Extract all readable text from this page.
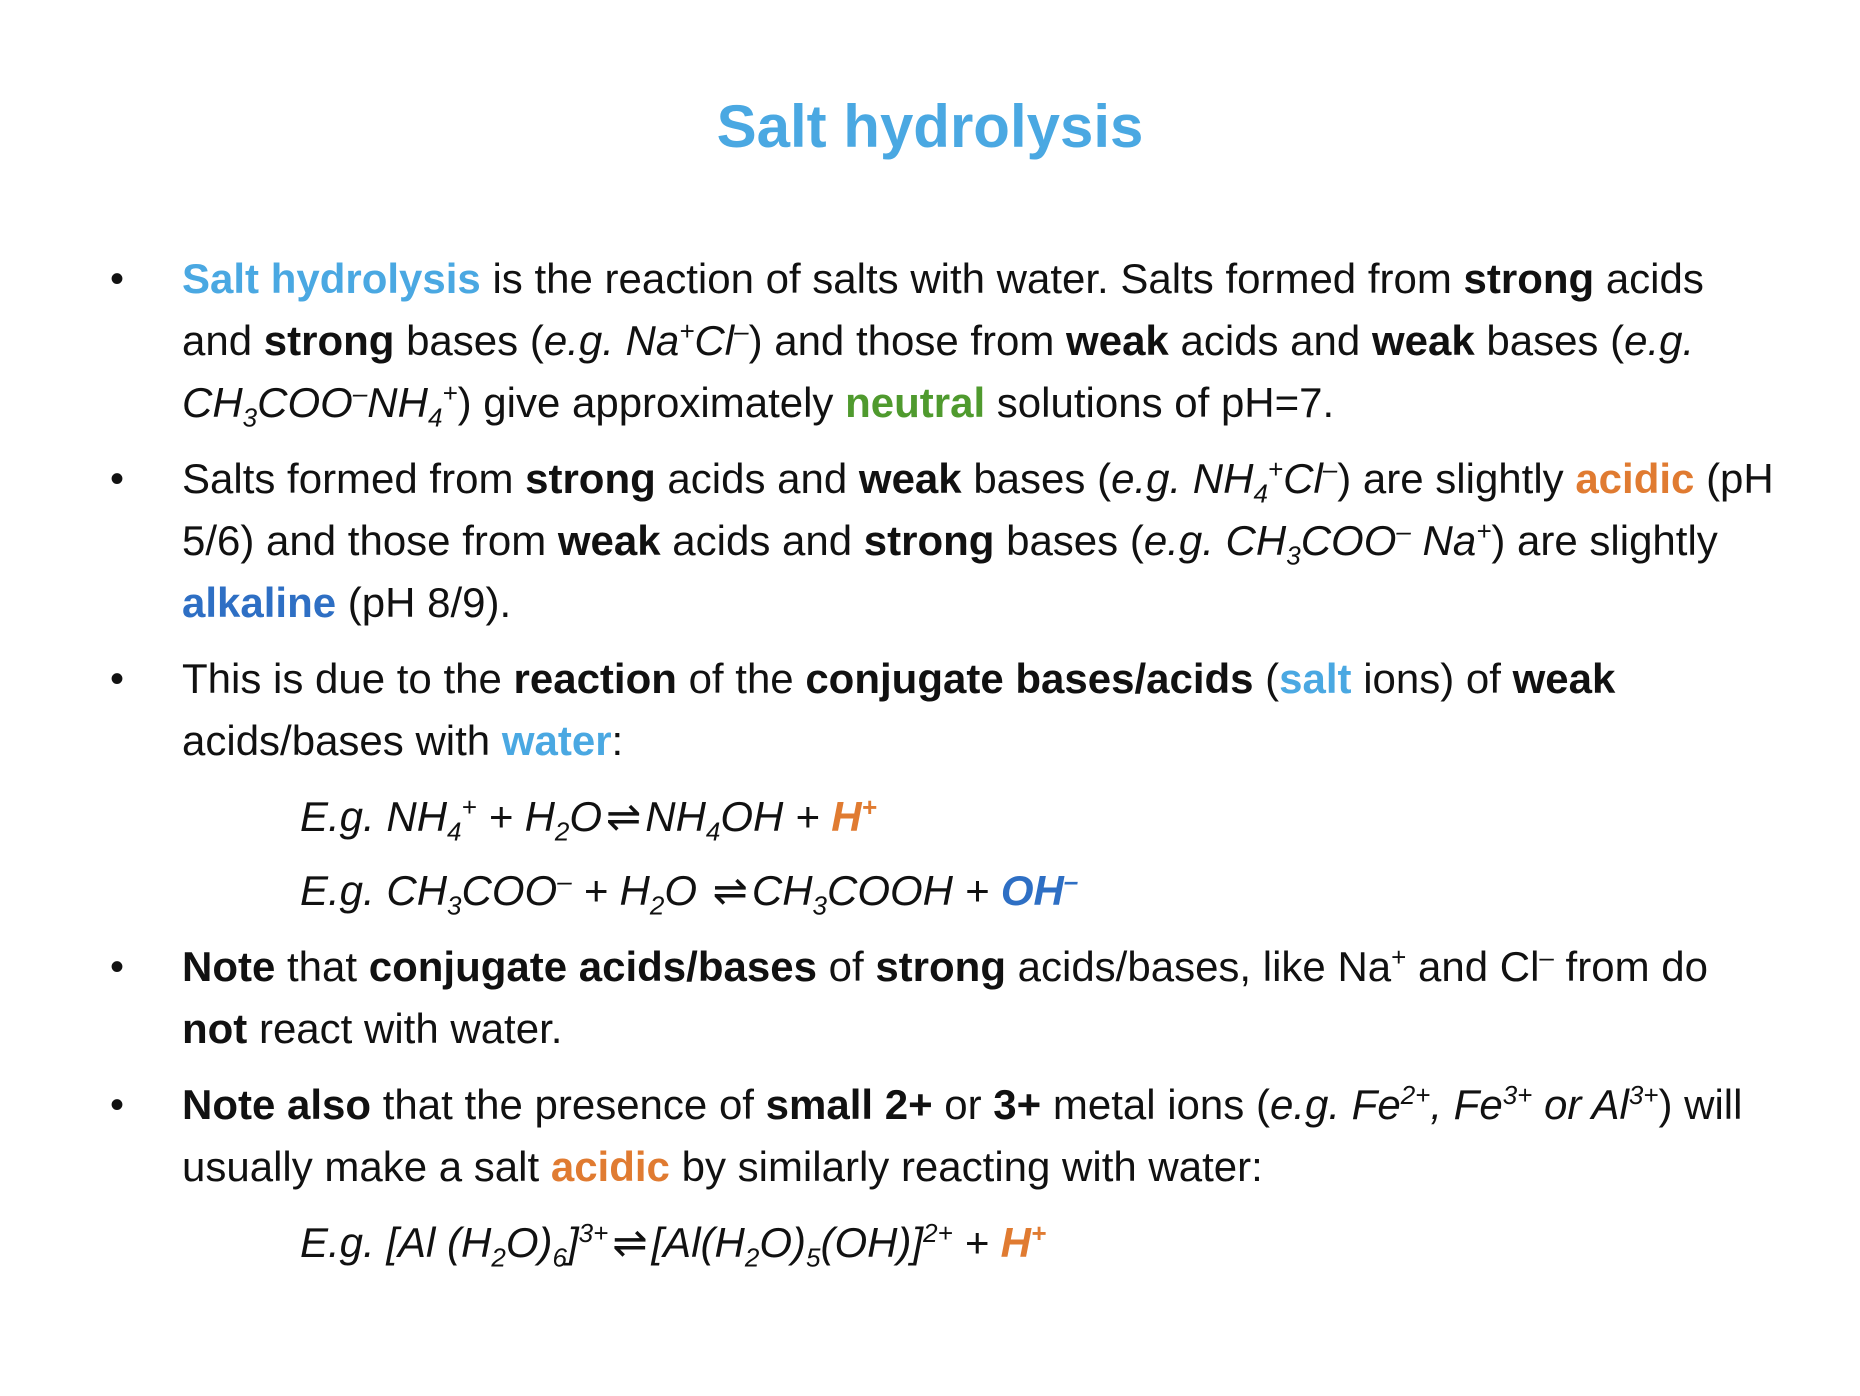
Salt hydrolysis
• Salt hydrolysis is the reaction of salts with water. Salts formed from strong acids and strong bases (e.g. Na+Cl–) and those from weak acids and weak bases (e.g. $CH_3COO^-NH_4^+$) give approximately neutral solutions of pH=7.
• Salts formed from strong acids and weak bases (e.g. $NH_4^+Cl^-$) are slightly acidic (pH 5/6) and those from weak acids and strong bases (e.g. $CH_3COO^-$ Na+) are slightly alkaline (pH 8/9).
• This is due to the reaction of the conjugate bases/acids (salt ions) of weak acids/bases with water:
E.g. $NH_4^+$ + $H_2O\rightleftharpoons NH_4OH + H^+$
E.g. $CH_3COO^- + H_2O$ $\rightleftharpoons CH_3COOH + OH^-$
• Note that conjugate acids/bases of strong acids/bases, like Na+ and Cl– from do not react with water.
• Note also that the presence of small 2+ or 3+ metal ions (e.g. $Fe^{2+}$, $Fe^{3+}$ or $Al^{3+}$) will usually make a salt acidic by similarly reacting with water:
E.g. [Al $(H_2O)_6]^{3+}\rightleftharpoons[Al(H_2O)_5(OH)]^{2+} + H^+$
